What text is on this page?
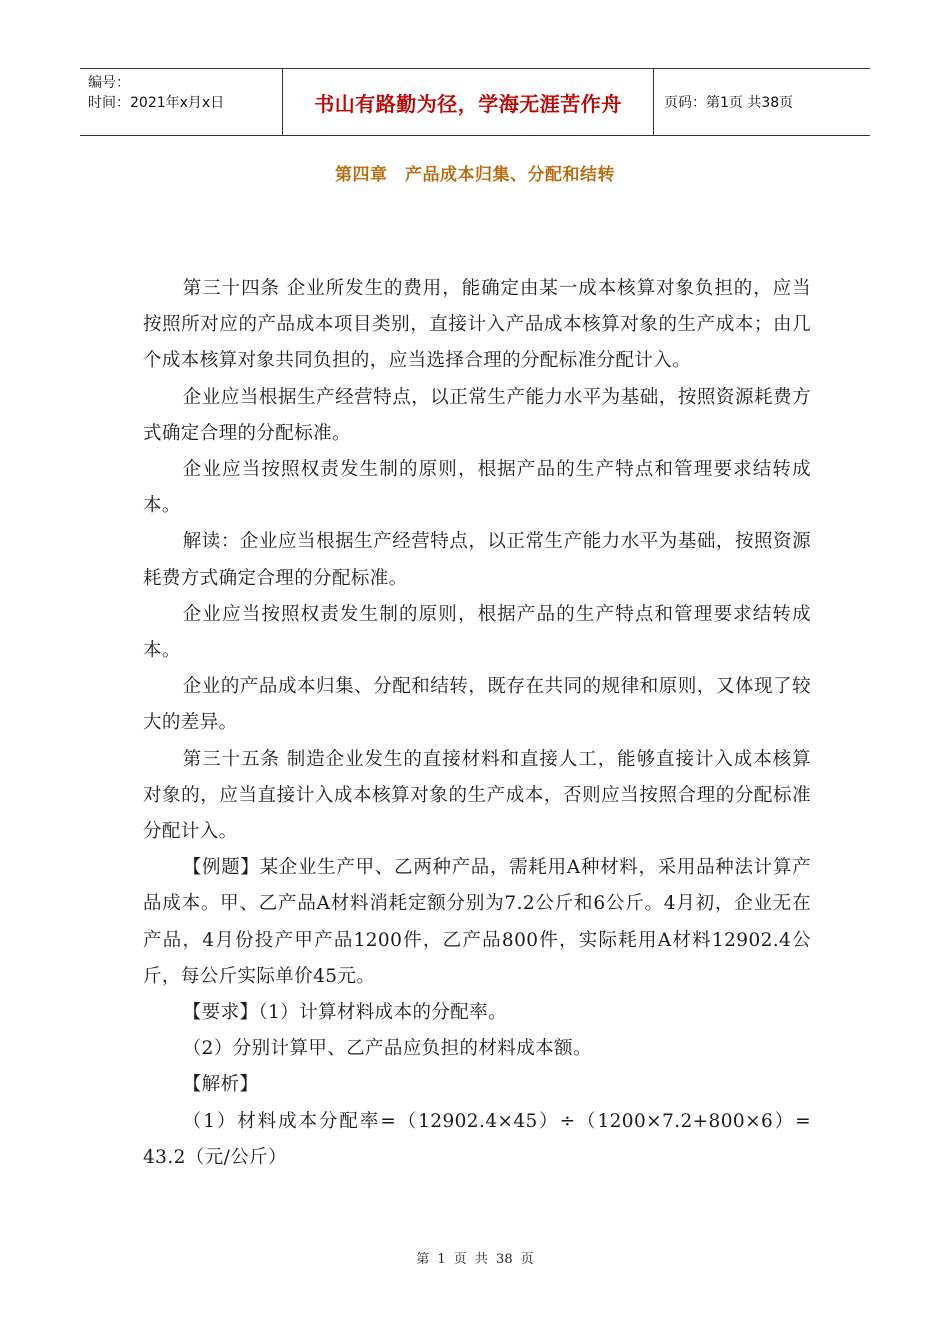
编号：
时间：2021年x月x日	书山有路勤为径，学海无涯苦作舟	页码：第1页 共38页
第四章　产品成本归集、分配和结转

第三十四条 企业所发生的费用，能确定由某一成本核算对象负担的，应当按照所对应的产品成本项目类别，直接计入产品成本核算对象的生产成本；由几个成本核算对象共同负担的，应当选择合理的分配标准分配计入。

企业应当根据生产经营特点，以正常生产能力水平为基础，按照资源耗费方式确定合理的分配标准。

企业应当按照权责发生制的原则，根据产品的生产特点和管理要求结转成本。

解读：企业应当根据生产经营特点，以正常生产能力水平为基础，按照资源耗费方式确定合理的分配标准。

企业应当按照权责发生制的原则，根据产品的生产特点和管理要求结转成本。

企业的产品成本归集、分配和结转，既存在共同的规律和原则，又体现了较大的差异。

第三十五条 制造企业发生的直接材料和直接人工，能够直接计入成本核算对象的，应当直接计入成本核算对象的生产成本，否则应当按照合理的分配标准分配计入。

【例题】某企业生产甲、乙两种产品，需耗用A种材料，采用品种法计算产品成本。甲、乙产品A材料消耗定额分别为7.2公斤和6公斤。4月初，企业无在产品，4月份投产甲产品1200件，乙产品800件，实际耗用A材料12902.4公斤，每公斤实际单价45元。

【要求】（1）计算材料成本的分配率。

（2）分别计算甲、乙产品应负担的材料成本额。

【解析】

（1）材料成本分配率=（12902.4×45）÷（1200×7.2+800×6）= 43.2（元/公斤）

第 1 页 共 38 页
